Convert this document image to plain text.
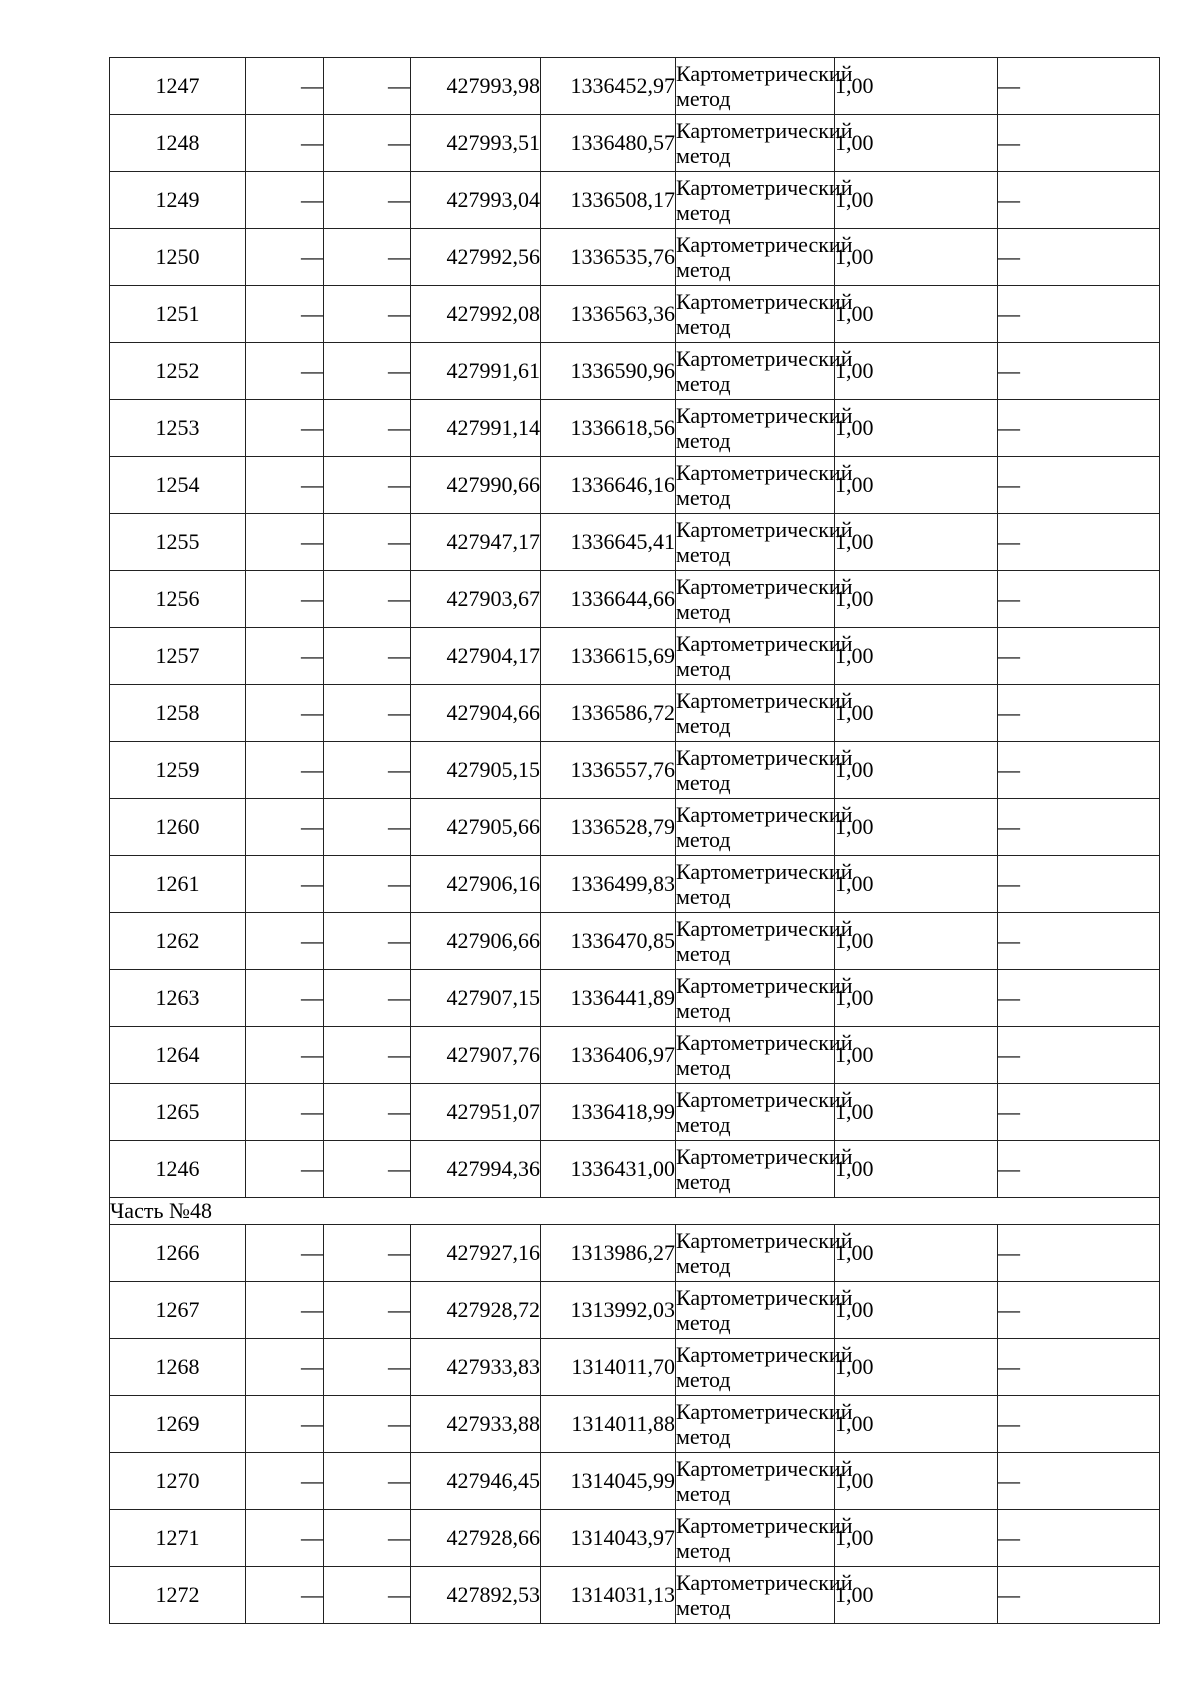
1247	—	—	427993,98	1336452,97	Картометрический метод	1,00	—
1248	—	—	427993,51	1336480,57	Картометрический метод	1,00	—
1249	—	—	427993,04	1336508,17	Картометрический метод	1,00	—
1250	—	—	427992,56	1336535,76	Картометрический метод	1,00	—
1251	—	—	427992,08	1336563,36	Картометрический метод	1,00	—
1252	—	—	427991,61	1336590,96	Картометрический метод	1,00	—
1253	—	—	427991,14	1336618,56	Картометрический метод	1,00	—
1254	—	—	427990,66	1336646,16	Картометрический метод	1,00	—
1255	—	—	427947,17	1336645,41	Картометрический метод	1,00	—
1256	—	—	427903,67	1336644,66	Картометрический метод	1,00	—
1257	—	—	427904,17	1336615,69	Картометрический метод	1,00	—
1258	—	—	427904,66	1336586,72	Картометрический метод	1,00	—
1259	—	—	427905,15	1336557,76	Картометрический метод	1,00	—
1260	—	—	427905,66	1336528,79	Картометрический метод	1,00	—
1261	—	—	427906,16	1336499,83	Картометрический метод	1,00	—
1262	—	—	427906,66	1336470,85	Картометрический метод	1,00	—
1263	—	—	427907,15	1336441,89	Картометрический метод	1,00	—
1264	—	—	427907,76	1336406,97	Картометрический метод	1,00	—
1265	—	—	427951,07	1336418,99	Картометрический метод	1,00	—
1246	—	—	427994,36	1336431,00	Картометрический метод	1,00	—
Часть №48							
1266	—	—	427927,16	1313986,27	Картометрический метод	1,00	—
1267	—	—	427928,72	1313992,03	Картометрический метод	1,00	—
1268	—	—	427933,83	1314011,70	Картометрический метод	1,00	—
1269	—	—	427933,88	1314011,88	Картометрический метод	1,00	—
1270	—	—	427946,45	1314045,99	Картометрический метод	1,00	—
1271	—	—	427928,66	1314043,97	Картометрический метод	1,00	—
1272	—	—	427892,53	1314031,13	Картометрический метод	1,00	—
